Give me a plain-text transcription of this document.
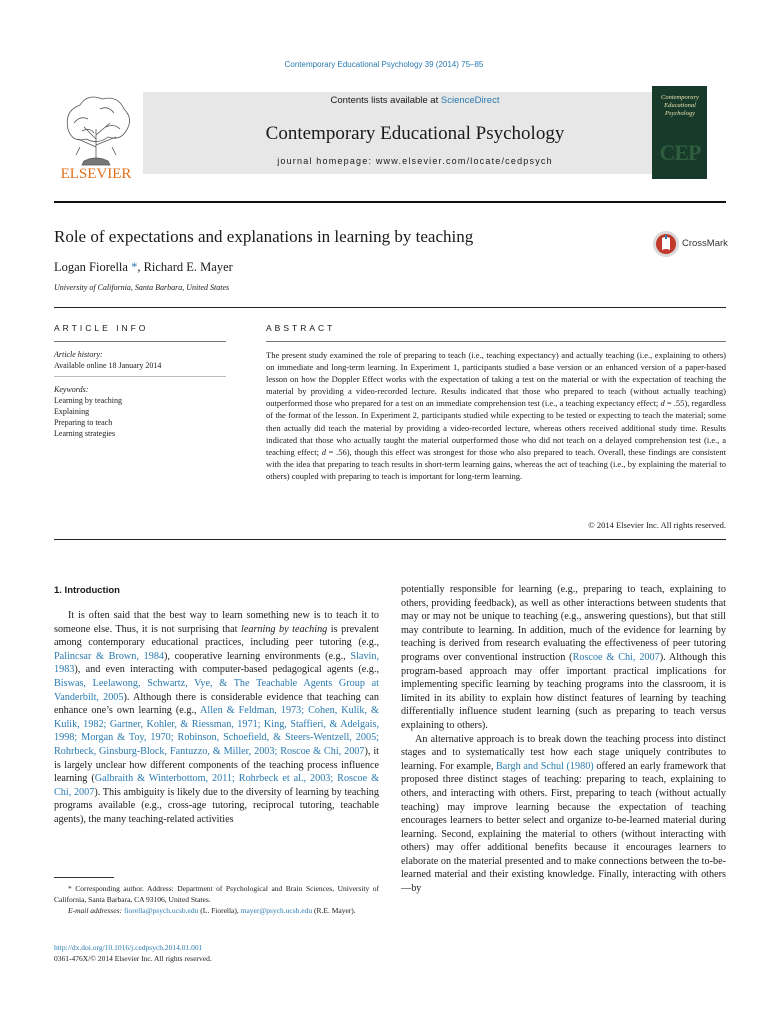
Contemporary Educational Psychology 39 (2014) 75–85
ELSEVIER
Contents lists available at ScienceDirect
Contemporary Educational Psychology
journal homepage: www.elsevier.com/locate/cedpsych
Contemporary Educational Psychology
CEP
Role of expectations and explanations in learning by teaching	CrossMark
Logan Fiorella *, Richard E. Mayer
University of California, Santa Barbara, United States
ARTICLE INFO	ABSTRACT
Article history:
Available online 18 January 2014
Keywords:
Learning by teaching
Explaining
Preparing to teach
Learning strategies
The present study examined the role of preparing to teach (i.e., teaching expectancy) and actually teaching (i.e., explaining to others) on immediate and long-term learning. In Experiment 1, participants studied a base version or an enhanced version of a paper-based lesson on how the Doppler Effect works with the expectation of taking a test on the material or with the expectation of teaching the material by providing a video-recorded lecture. Results indicated that those who prepared to teach (without actually teaching) outperformed those who prepared for a test on an immediate comprehension test (i.e., a teaching expectancy effect; d = .55), regardless of the format of the lesson. In Experiment 2, participants studied while expecting to be tested or expecting to teach the material; some then actually did teach the material by providing a video-recorded lecture, whereas others received additional study time. Results indicated that those who actually taught the material outperformed those who did not teach on a delayed comprehension test (i.e., a teaching effect; d = .56), though this effect was strongest for those who also prepared to teach. Overall, these findings are consistent with the idea that preparing to teach results in short-term learning gains, whereas the act of teaching (i.e., by explaining the material to others) coupled with preparing to teach is important for long-term learning.
© 2014 Elsevier Inc. All rights reserved.
1. Introduction

It is often said that the best way to learn something new is to teach it to someone else. Thus, it is not surprising that learning by teaching is prevalent among contemporary educational practices, including peer tutoring (e.g., Palincsar & Brown, 1984), cooperative learning environments (e.g., Slavin, 1983), and even interacting with computer-based pedagogical agents (e.g., Biswas, Leelawong, Schwartz, Vye, & The Teachable Agents Group at Vanderbilt, 2005). Although there is considerable evidence that teaching can enhance one’s own learning (e.g., Allen & Feldman, 1973; Cohen, Kulik, & Kulik, 1982; Gartner, Kohler, & Riessman, 1971; King, Staffieri, & Adelgais, 1998; Morgan & Toy, 1970; Robinson, Schoefield, & Steers-Wentzell, 2005; Rohrbeck, Ginsburg-Block, Fantuzzo, & Miller, 2003; Roscoe & Chi, 2007), it is largely unclear how different components of the teaching process influence learning (Galbraith & Winterbottom, 2011; Rohrbeck et al., 2003; Roscoe & Chi, 2007). This ambiguity is likely due to the diversity of learning by teaching programs available (e.g., cross-age tutoring, reciprocal tutoring, teachable agents), the many teaching-related activities

potentially responsible for learning (e.g., preparing to teach, explaining to others, providing feedback), as well as other interactions between students that may or may not be unique to teaching (e.g., answering questions), but that still may contribute to learning. In addition, much of the evidence for learning by teaching is derived from research evaluating the effectiveness of peer tutoring programs over conventional instruction (Roscoe & Chi, 2007). Although this program-based approach may offer important practical implications for implementing specific learning by teaching programs into the classroom, it is limited in its ability to explain how distinct features of learning by teaching differentially influence student learning (such as preparing to teach versus explaining to others).

An alternative approach is to break down the teaching process into distinct stages and to systematically test how each stage uniquely contributes to learning. For example, Bargh and Schul (1980) offered an early framework that proposed three distinct stages of teaching: preparing to teach, explaining to others, and interacting with others. First, preparing to teach (without actually teaching) may improve learning because the expectation of teaching encourages learners to better select and organize to-be-learned material during learning. Second, explaining the material to others (without interacting with others) may offer additional benefits because it encourages learners to elaborate on the material presented and to make connections between the to-be-learned material and their existing knowledge. Finally, interacting with others—by

* Corresponding author. Address: Department of Psychological and Brain Sciences, University of California, Santa Barbara, CA 93106, United States.
E-mail addresses: fiorella@psych.ucsb.edu (L. Fiorella), mayer@psych.ucsb.edu (R.E. Mayer).
http://dx.doi.org/10.1016/j.cedpsych.2014.01.001
0361-476X/© 2014 Elsevier Inc. All rights reserved.
